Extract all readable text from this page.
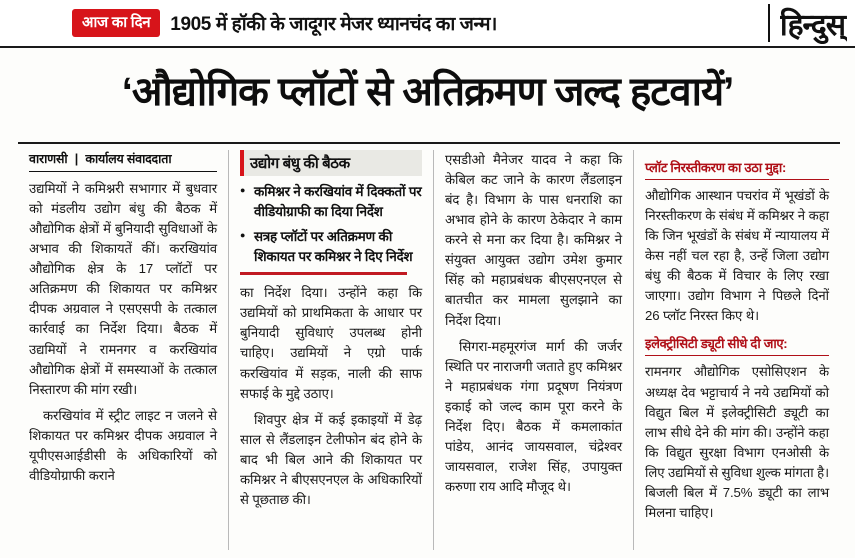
आज का दिन	1905 में हॉकी के जादूगर मेजर ध्यानचंद का जन्म।	हिन्दुस्
‘औद्योगिक प्लॉटों से अतिक्रमण जल्द हटवायें’
वाराणसी | कार्यालय संवाददाता

उद्यमियों ने कमिश्नरी सभागार में बुधवार को मंडलीय उद्योग बंधु की बैठक में औद्योगिक क्षेत्रों में बुनियादी सुविधाओं के अभाव की शिकायतें कीं। करखियांव औद्योगिक क्षेत्र के 17 प्लॉटों पर अतिक्रमण की शिकायत पर कमिश्नर दीपक अग्रवाल ने एसएसपी के तत्काल कार्रवाई का निर्देश दिया। बैठक में उद्यमियों ने रामनगर व करखियांव औद्योगिक क्षेत्रों में समस्याओं के तत्काल निस्तारण की मांग रखी।

करखियांव में स्ट्रीट लाइट न जलने से शिकायत पर कमिश्नर दीपक अग्रवाल ने यूपीएसआईडीसी के अधिकारियों को वीडियोग्राफी कराने

उद्योग बंधु की बैठक
● कमिश्नर ने करखियांव में दिक्कतों पर वीडियोग्राफी का दिया निर्देश
● सत्रह प्लॉटों पर अतिक्रमण की शिकायत पर कमिश्नर ने दिए निर्देश

का निर्देश दिया। उन्होंने कहा कि उद्यमियों को प्राथमिकता के आधार पर बुनियादी सुविधाएं उपलब्ध होनी चाहिए। उद्यमियों ने एग्रो पार्क करखियांव में सड़क, नाली की साफ सफाई के मुद्दे उठाए।

शिवपुर क्षेत्र में कई इकाइयों में डेढ़ साल से लैंडलाइन टेलीफोन बंद होने के बाद भी बिल आने की शिकायत पर कमिश्नर ने बीएसएनएल के अधिकारियों से पूछताछ की।

एसडीओ मैनेजर यादव ने कहा कि केबिल कट जाने के कारण लैंडलाइन बंद है। विभाग के पास धनराशि का अभाव होने के कारण ठेकेदार ने काम करने से मना कर दिया है। कमिश्नर ने संयुक्त आयुक्त उद्योग उमेश कुमार सिंह को महाप्रबंधक बीएसएनएल से बातचीत कर मामला सुलझाने का निर्देश दिया।

सिगरा-महमूरगंज मार्ग की जर्जर स्थिति पर नाराजगी जताते हुए कमिश्नर ने महाप्रबंधक गंगा प्रदूषण नियंत्रण इकाई को जल्द काम पूरा करने के निर्देश दिए। बैठक में कमलाकांत पांडेय, आनंद जायसवाल, चंद्रेश्वर जायसवाल, राजेश सिंह, उपायुक्त करुणा राय आदि मौजूद थे।

प्लॉट निरस्तीकरण का उठा मुद्दा:

औद्योगिक आस्थान पचरांव में भूखंडों के निरस्तीकरण के संबंध में कमिश्नर ने कहा कि जिन भूखंडों के संबंध में न्यायालय में केस नहीं चल रहा है, उन्हें जिला उद्योग बंधु की बैठक में विचार के लिए रखा जाएगा। उद्योग विभाग ने पिछले दिनों 26 प्लॉट निरस्त किए थे।

इलेक्ट्रीसिटी ड्यूटी सीधे दी जाए:

रामनगर औद्योगिक एसोसिएशन के अध्यक्ष देव भट्टाचार्य ने नये उद्यमियों को विद्युत बिल में इलेक्ट्रीसिटी ड्यूटी का लाभ सीधे देने की मांग की। उन्होंने कहा कि विद्युत सुरक्षा विभाग एनओसी के लिए उद्यमियों से सुविधा शुल्क मांगता है। बिजली बिल में 7.5% ड्यूटी का लाभ मिलना चाहिए।
